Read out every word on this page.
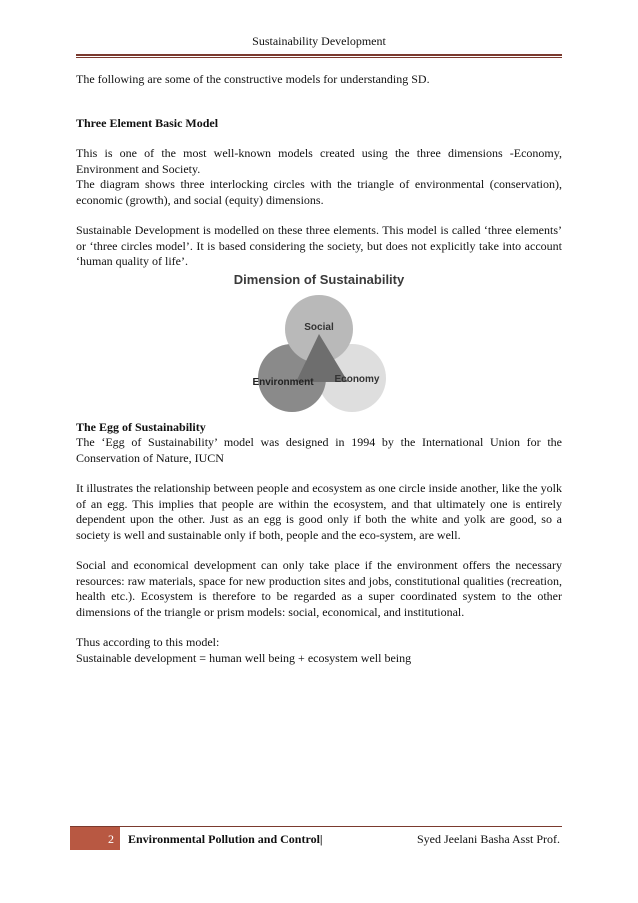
Sustainability Development

The following are some of the constructive models for understanding SD.

Three Element Basic Model

This is one of the most well-known models created using the three dimensions -Economy, Environment and Society.

The diagram shows three interlocking circles with the triangle of environmental (conservation), economic (growth), and social (equity) dimensions.

Sustainable Development is modelled on these three elements. This model is called ‘three elements’ or ‘three circles model’. It is based considering the society, but does not explicitly take into account ‘human quality of life’.

Dimension of Sustainability
Social
Environment Economy

The Egg of Sustainability

The ‘Egg of Sustainability’ model was designed in 1994 by the International Union for the Conservation of Nature, IUCN

It illustrates the relationship between people and ecosystem as one circle inside another, like the yolk of an egg. This implies that people are within the ecosystem, and that ultimately one is entirely dependent upon the other. Just as an egg is good only if both the white and yolk are good, so a society is well and sustainable only if both, people and the eco-system, are well.

Social and economical development can only take place if the environment offers the necessary resources: raw materials, space for new production sites and jobs, constitutional qualities (recreation, health etc.). Ecosystem is therefore to be regarded as a super coordinated system to the other dimensions of the triangle or prism models: social, economical, and institutional.

Thus according to this model:

Sustainable development = human well being + ecosystem well being

2	Environmental Pollution and Control|	Syed Jeelani Basha Asst Prof.
